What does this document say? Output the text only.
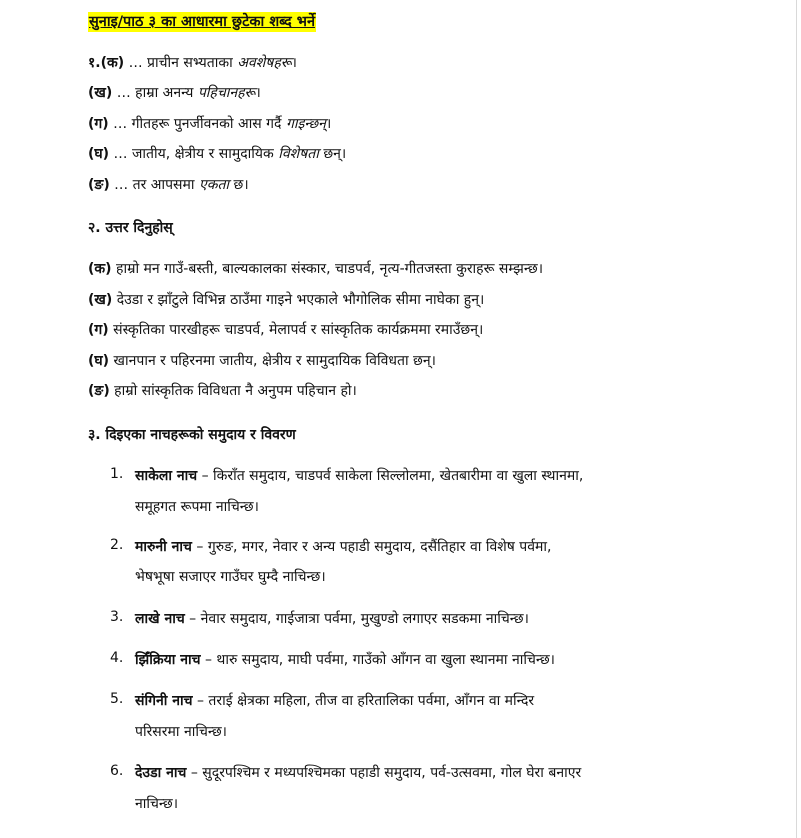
सुनाइ/पाठ ३ का आधारमा छुटेका शब्द भर्ने
१.(क) … प्राचीन सभ्यताका अवशेषहरू।
(ख) … हाम्रा अनन्य पहिचानहरू।
(ग) … गीतहरू पुनर्जीवनको आस गर्दै गाइन्छन्।
(घ) … जातीय, क्षेत्रीय र सामुदायिक विशेषता छन्।
(ङ) … तर आपसमा एकता छ।
२. उत्तर दिनुहोस्
(क) हाम्रो मन गाउँ-बस्ती, बाल्यकालका संस्कार, चाडपर्व, नृत्य-गीतजस्ता कुराहरू सम्झन्छ।
(ख) देउडा र झाँटुले विभिन्न ठाउँमा गाइने भएकाले भौगोलिक सीमा नाघेका हुन्।
(ग) संस्कृतिका पारखीहरू चाडपर्व, मेलापर्व र सांस्कृतिक कार्यक्रममा रमाउँछन्।
(घ) खानपान र पहिरनमा जातीय, क्षेत्रीय र सामुदायिक विविधता छन्।
(ङ) हाम्रो सांस्कृतिक विविधता नै अनुपम पहिचान हो।
३. दिइएका नाचहरूको समुदाय र विवरण
1. साकेला नाच – किराँत समुदाय, चाडपर्व साकेला सिल्लोलमा, खेतबारीमा वा खुला स्थानमा,
समूहगत रूपमा नाचिन्छ।
2. मारुनी नाच – गुरुङ, मगर, नेवार र अन्य पहाडी समुदाय, दसैंतिहार वा विशेष पर्वमा,
भेषभूषा सजाएर गाउँघर घुम्दै नाचिन्छ।
3. लाखे नाच – नेवार समुदाय, गाईजात्रा पर्वमा, मुखुण्डो लगाएर सडकमा नाचिन्छ।
4. झिँक्रिया नाच – थारु समुदाय, माघी पर्वमा, गाउँको आँगन वा खुला स्थानमा नाचिन्छ।
5. संगिनी नाच – तराई क्षेत्रका महिला, तीज वा हरितालिका पर्वमा, आँगन वा मन्दिर
परिसरमा नाचिन्छ।
6. देउडा नाच – सुदूरपश्चिम र मध्यपश्चिमका पहाडी समुदाय, पर्व-उत्सवमा, गोल घेरा बनाएर
नाचिन्छ।
